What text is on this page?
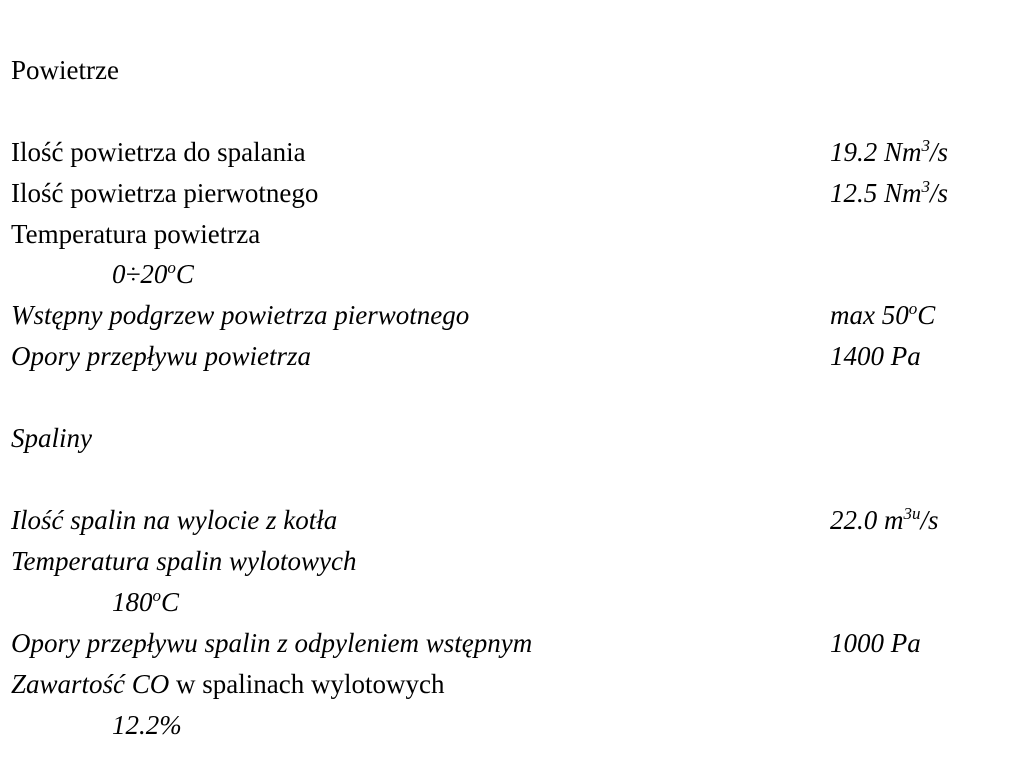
Powietrze
Ilość powietrza do spalania	19.2 Nm$^3$/s
Ilość powietrza pierwotnego	12.5 Nm$^3$/s
Temperatura powietrza
$0\div 20^oC$
Wstępny podgrzew powietrza pierwotnego	max 50$^o$C
Opory przepływu powietrza	1400 Pa
Spaliny
Ilość spalin na wylocie z kotła	22.0 $m^{3u}/s$
Temperatura spalin wylotowych
180$^o$C
Opory przepływu spalin z odpyleniem wstępnym	1000 Pa
Zawartość CO w spalinach wylotowych
12.2%
